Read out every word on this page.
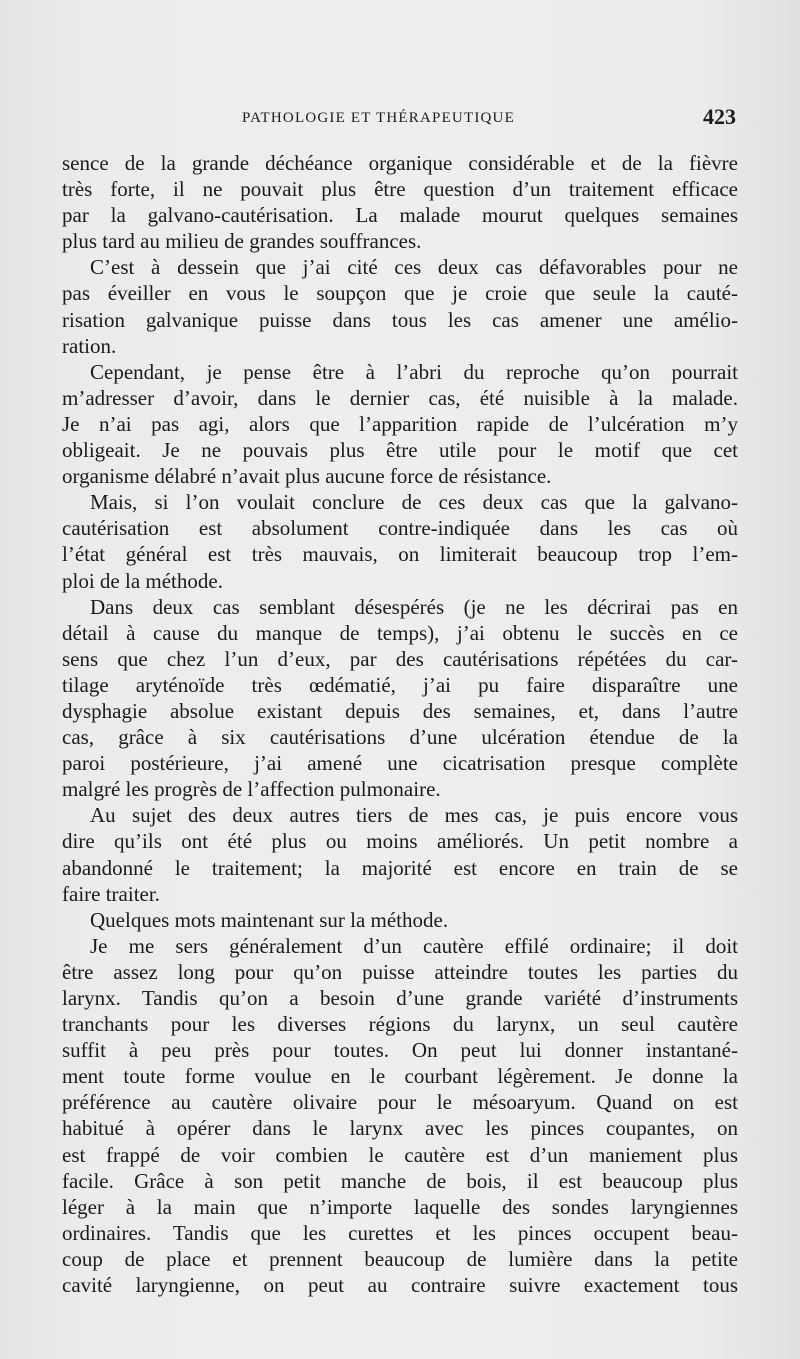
PATHOLOGIE ET THÉRAPEUTIQUE	423
sence de la grande déchéance organique considérable et de la fièvre
très forte, il ne pouvait plus être question d’un traitement efficace
par la galvano-cautérisation. La malade mourut quelques semaines
plus tard au milieu de grandes souffrances.
C’est à dessein que j’ai cité ces deux cas défavorables pour ne
pas éveiller en vous le soupçon que je croie que seule la cauté-
risation galvanique puisse dans tous les cas amener une amélio-
ration.
Cependant, je pense être à l’abri du reproche qu’on pourrait
m’adresser d’avoir, dans le dernier cas, été nuisible à la malade.
Je n’ai pas agi, alors que l’apparition rapide de l’ulcération m’y
obligeait. Je ne pouvais plus être utile pour le motif que cet
organisme délabré n’avait plus aucune force de résistance.
Mais, si l’on voulait conclure de ces deux cas que la galvano-
cautérisation est absolument contre-indiquée dans les cas où
l’état général est très mauvais, on limiterait beaucoup trop l’em-
ploi de la méthode.
Dans deux cas semblant désespérés (je ne les décrirai pas en
détail à cause du manque de temps), j’ai obtenu le succès en ce
sens que chez l’un d’eux, par des cautérisations répétées du car-
tilage aryténoïde très œdématié, j’ai pu faire disparaître une
dysphagie absolue existant depuis des semaines, et, dans l’autre
cas, grâce à six cautérisations d’une ulcération étendue de la
paroi postérieure, j’ai amené une cicatrisation presque complète
malgré les progrès de l’affection pulmonaire.
Au sujet des deux autres tiers de mes cas, je puis encore vous
dire qu’ils ont été plus ou moins améliorés. Un petit nombre a
abandonné le traitement; la majorité est encore en train de se
faire traiter.
Quelques mots maintenant sur la méthode.
Je me sers généralement d’un cautère effilé ordinaire; il doit
être assez long pour qu’on puisse atteindre toutes les parties du
larynx. Tandis qu’on a besoin d’une grande variété d’instruments
tranchants pour les diverses régions du larynx, un seul cautère
suffit à peu près pour toutes. On peut lui donner instantané-
ment toute forme voulue en le courbant légèrement. Je donne la
préférence au cautère olivaire pour le mésoaryum. Quand on est
habitué à opérer dans le larynx avec les pinces coupantes, on
est frappé de voir combien le cautère est d’un maniement plus
facile. Grâce à son petit manche de bois, il est beaucoup plus
léger à la main que n’importe laquelle des sondes laryngiennes
ordinaires. Tandis que les curettes et les pinces occupent beau-
coup de place et prennent beaucoup de lumière dans la petite
cavité laryngienne, on peut au contraire suivre exactement tous
